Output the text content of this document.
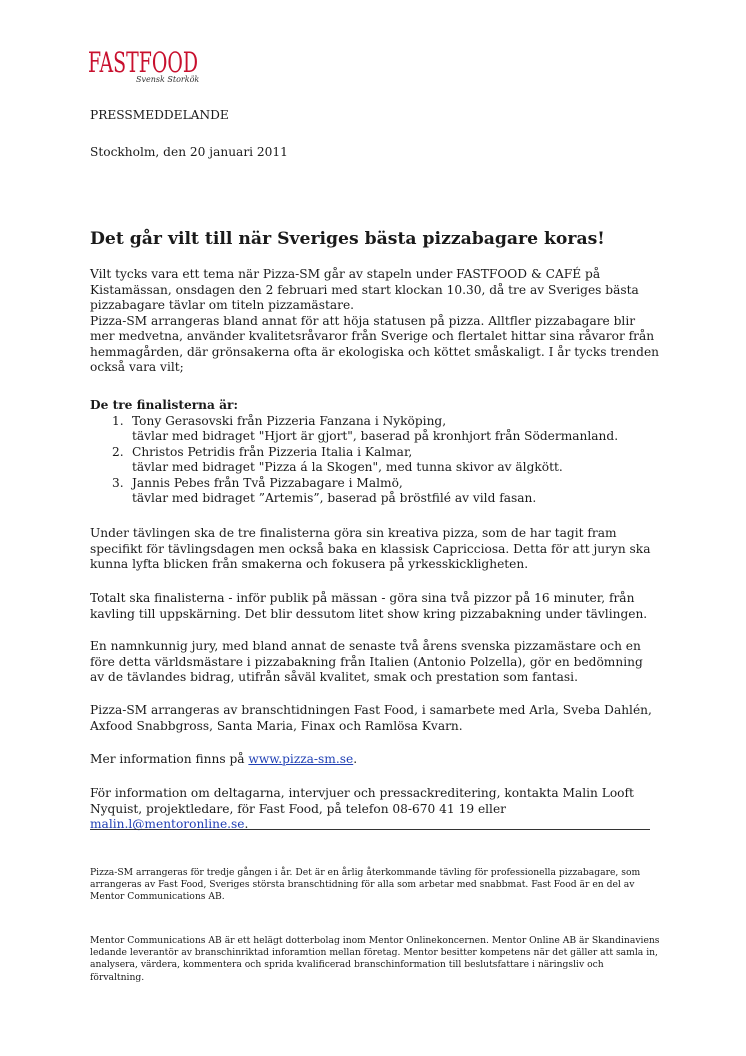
FASTFOOD
Svensk Storkök

PRESSMEDDELANDE

Stockholm, den 20 januari 2011

Det går vilt till när Sveriges bästa pizzabagare koras!

Vilt tycks vara ett tema när Pizza-SM går av stapeln under FASTFOOD & CAFÉ på Kistamässan, onsdagen den 2 februari med start klockan 10.30, då tre av Sveriges bästa pizzabagare tävlar om titeln pizzamästare.

Pizza-SM arrangeras bland annat för att höja statusen på pizza. Alltfler pizzabagare blir mer medvetna, använder kvalitetsråvaror från Sverige och flertalet hittar sina råvaror från hemmagården, där grönsakerna ofta är ekologiska och köttet småskaligt. I år tycks trenden också vara vilt;

De tre finalisterna är:

1. Tony Gerasovski från Pizzeria Fanzana i Nyköping,
tävlar med bidraget "Hjort är gjort", baserad på kronhjort från Södermanland.
2. Christos Petridis från Pizzeria Italia i Kalmar,
tävlar med bidraget "Pizza á la Skogen", med tunna skivor av älgkött.
3. Jannis Pebes från Två Pizzabagare i Malmö,
tävlar med bidraget ”Artemis”, baserad på bröstfilé av vild fasan.

Under tävlingen ska de tre finalisterna göra sin kreativa pizza, som de har tagit fram specifikt för tävlingsdagen men också baka en klassisk Capricciosa. Detta för att juryn ska kunna lyfta blicken från smakerna och fokusera på yrkesskickligheten.

Totalt ska finalisterna - inför publik på mässan - göra sina två pizzor på 16 minuter, från kavling till uppskärning. Det blir dessutom litet show kring pizzabakning under tävlingen.

En namnkunnig jury, med bland annat de senaste två årens svenska pizzamästare och en före detta världsmästare i pizzabakning från Italien (Antonio Polzella), gör en bedömning av de tävlandes bidrag, utifrån såväl kvalitet, smak och prestation som fantasi.

Pizza-SM arrangeras av branschtidningen Fast Food, i samarbete med Arla, Sveba Dahlén, Axfood Snabbgross, Santa Maria, Finax och Ramlösa Kvarn.

Mer information finns på www.pizza-sm.se.

För information om deltagarna, intervjuer och pressackreditering, kontakta Malin Looft Nyquist, projektledare, för Fast Food, på telefon 08-670 41 19 eller malin.l@mentoronline.se.

Pizza-SM arrangeras för tredje gången i år. Det är en årlig återkommande tävling för professionella pizzabagare, som arrangeras av Fast Food, Sveriges största branschtidning för alla som arbetar med snabbmat. Fast Food är en del av Mentor Communications AB.

Mentor Communications AB är ett helägt dotterbolag inom Mentor Onlinekoncernen. Mentor Online AB är Skandinaviens ledande leverantör av branschinriktad inforamtion mellan företag. Mentor besitter kompetens när det gäller att samla in, analysera, värdera, kommentera och sprida kvalificerad branschinformation till beslutsfattare i näringsliv och förvaltning.
